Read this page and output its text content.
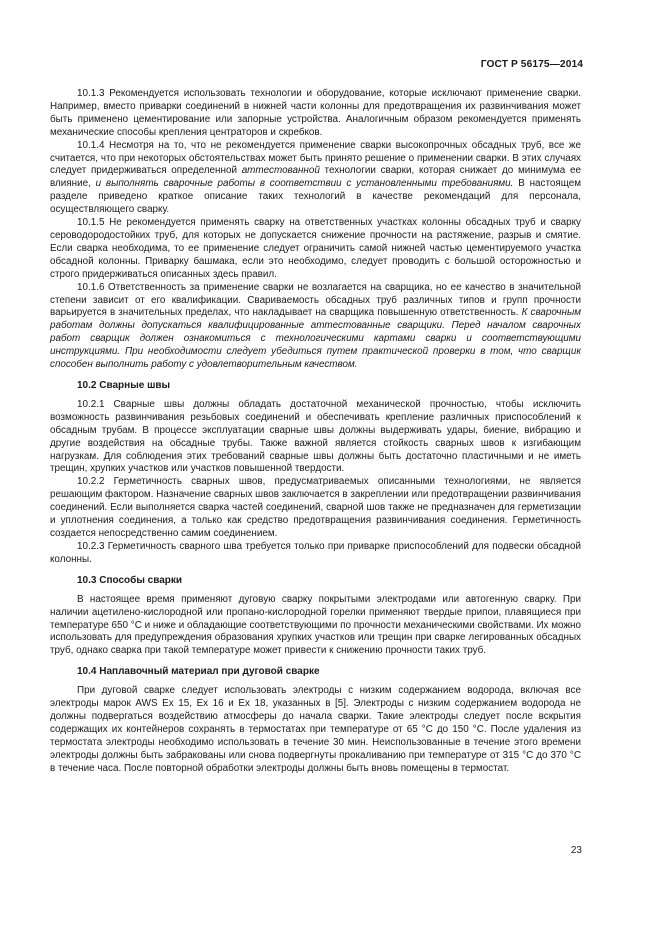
ГОСТ Р 56175—2014

10.1.3 Рекомендуется использовать технологии и оборудование, которые исключают применение сварки. Например, вместо приварки соединений в нижней части колонны для предотвращения их развинчивания может быть применено цементирование или запорные устройства. Аналогичным образом рекомендуется применять механические способы крепления центраторов и скребков.

10.1.4 Несмотря на то, что не рекомендуется применение сварки высокопрочных обсадных труб, все же считается, что при некоторых обстоятельствах может быть принято решение о применении сварки. В этих случаях следует придерживаться определенной аттестованной технологии сварки, которая снижает до минимума ее влияние, и выполнять сварочные работы в соответствии с установленными требованиями. В настоящем разделе приведено краткое описание таких технологий в качестве рекомендаций для персонала, осуществляющего сварку.

10.1.5 Не рекомендуется применять сварку на ответственных участках колонны обсадных труб и сварку сероводородостойких труб, для которых не допускается снижение прочности на растяжение, разрыв и смятие. Если сварка необходима, то ее применение следует ограничить самой нижней частью цементируемого участка обсадной колонны. Приварку башмака, если это необходимо, следует проводить с большой осторожностью и строго придерживаться описанных здесь правил.

10.1.6 Ответственность за применение сварки не возлагается на сварщика, но ее качество в значительной степени зависит от его квалификации. Свариваемость обсадных труб различных типов и групп прочности варьируется в значительных пределах, что накладывает на сварщика повышенную ответственность. К сварочным работам должны допускаться квалифицированные аттестованные сварщики. Перед началом сварочных работ сварщик должен ознакомиться с технологическими картами сварки и соответствующими инструкциями. При необходимости следует убедиться путем практической проверки в том, что сварщик способен выполнить работу с удовлетворительным качеством.

10.2 Сварные швы

10.2.1 Сварные швы должны обладать достаточной механической прочностью, чтобы исключить возможность развинчивания резьбовых соединений и обеспечивать крепление различных приспособлений к обсадным трубам. В процессе эксплуатации сварные швы должны выдерживать удары, биение, вибрацию и другие воздействия на обсадные трубы. Также важной является стойкость сварных швов к изгибающим нагрузкам. Для соблюдения этих требований сварные швы должны быть достаточно пластичными и не иметь трещин, хрупких участков или участков повышенной твердости.

10.2.2 Герметичность сварных швов, предусматриваемых описанными технологиями, не является решающим фактором. Назначение сварных швов заключается в закреплении или предотвращении развинчивания соединений. Если выполняется сварка частей соединений, сварной шов также не предназначен для герметизации и уплотнения соединения, а только как средство предотвращения развинчивания соединения. Герметичность создается непосредственно самим соединением.

10.2.3 Герметичность сварного шва требуется только при приварке приспособлений для подвески обсадной колонны.

10.3 Способы сварки

В настоящее время применяют дуговую сварку покрытыми электродами или автогенную сварку. При наличии ацетилено-кислородной или пропано-кислородной горелки применяют твердые припои, плавящиеся при температуре 650 °С и ниже и обладающие соответствующими по прочности механическими свойствами. Их можно использовать для предупреждения образования хрупких участков или трещин при сварке легированных обсадных труб, однако сварка при такой температуре может привести к снижению прочности таких труб.

10.4 Наплавочный материал при дуговой сварке

При дуговой сварке следует использовать электроды с низким содержанием водорода, включая все электроды марок AWS Ех 15, Ех 16 и Ех 18, указанных в [5]. Электроды с низким содержанием водорода не должны подвергаться воздействию атмосферы до начала сварки. Такие электроды следует после вскрытия содержащих их контейнеров сохранять в термостатах при температуре от 65 °С до 150 °С. После удаления из термостата электроды необходимо использовать в течение 30 мин. Неиспользованные в течение этого времени электроды должны быть забракованы или снова подвергнуты прокаливанию при температуре от 315 °С до 370 °С в течение часа. После повторной обработки электроды должны быть вновь помещены в термостат.

23
